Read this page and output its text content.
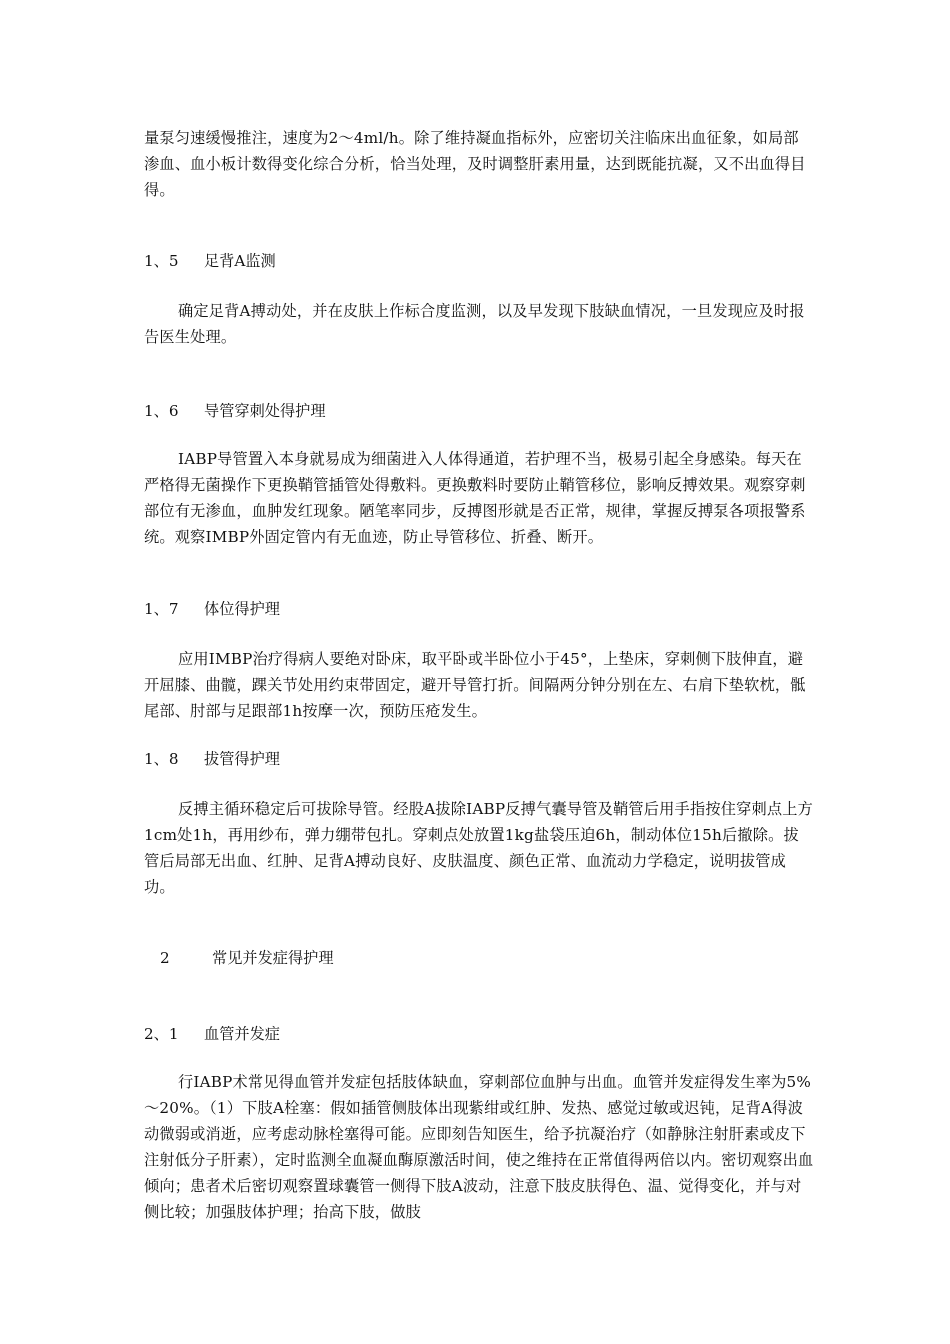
量泵匀速缓慢推注，速度为2～4ml/h。除了维持凝血指标外，应密切关注临床出血征象，如局部渗血、血小板计数得变化综合分析，恰当处理，及时调整肝素用量，达到既能抗凝，又不出血得目得。

1、5 足背A监测

确定足背A搏动处，并在皮肤上作标合度监测，以及早发现下肢缺血情况，一旦发现应及时报告医生处理。

1、6 导管穿刺处得护理

IABP导管置入本身就易成为细菌进入人体得通道，若护理不当，极易引起全身感染。每天在严格得无菌操作下更换鞘管插管处得敷料。更换敷料时要防止鞘管移位，影响反搏效果。观察穿刺部位有无渗血，血肿发红现象。陋笔率同步，反搏图形就是否正常，规律，掌握反搏泵各项报警系统。观察IMBP外固定管内有无血迹，防止导管移位、折叠、断开。

1、7 体位得护理

应用IMBP治疗得病人要绝对卧床，取平卧或半卧位小于45°，上垫床，穿刺侧下肢伸直，避开屈膝、曲髋，踝关节处用约束带固定，避开导管打折。间隔两分钟分别在左、右肩下垫软枕，骶尾部、肘部与足跟部1h按摩一次，预防压疮发生。

1、8 拔管得护理

反搏主循环稳定后可拔除导管。经股A拔除IABP反搏气囊导管及鞘管后用手指按住穿刺点上方1cm处1h，再用纱布，弹力绷带包扎。穿刺点处放置1kg盐袋压迫6h，制动体位15h后撤除。拔管后局部无出血、红肿、足背A搏动良好、皮肤温度、颜色正常、血流动力学稳定，说明拔管成功。

2	常见并发症得护理
2、1 血管并发症

行IABP术常见得血管并发症包括肢体缺血，穿刺部位血肿与出血。血管并发症得发生率为5%～20%。（1）下肢A栓塞：假如插管侧肢体出现紫绀或红肿、发热、感觉过敏或迟钝，足背A得波动微弱或消逝，应考虑动脉栓塞得可能。应即刻告知医生，给予抗凝治疗（如静脉注射肝素或皮下注射低分子肝素），定时监测全血凝血酶原激活时间，使之维持在正常值得两倍以内。密切观察出血倾向；患者术后密切观察置球囊管一侧得下肢A波动，注意下肢皮肤得色、温、觉得变化，并与对侧比较；加强肢体护理；抬高下肢，做肢
